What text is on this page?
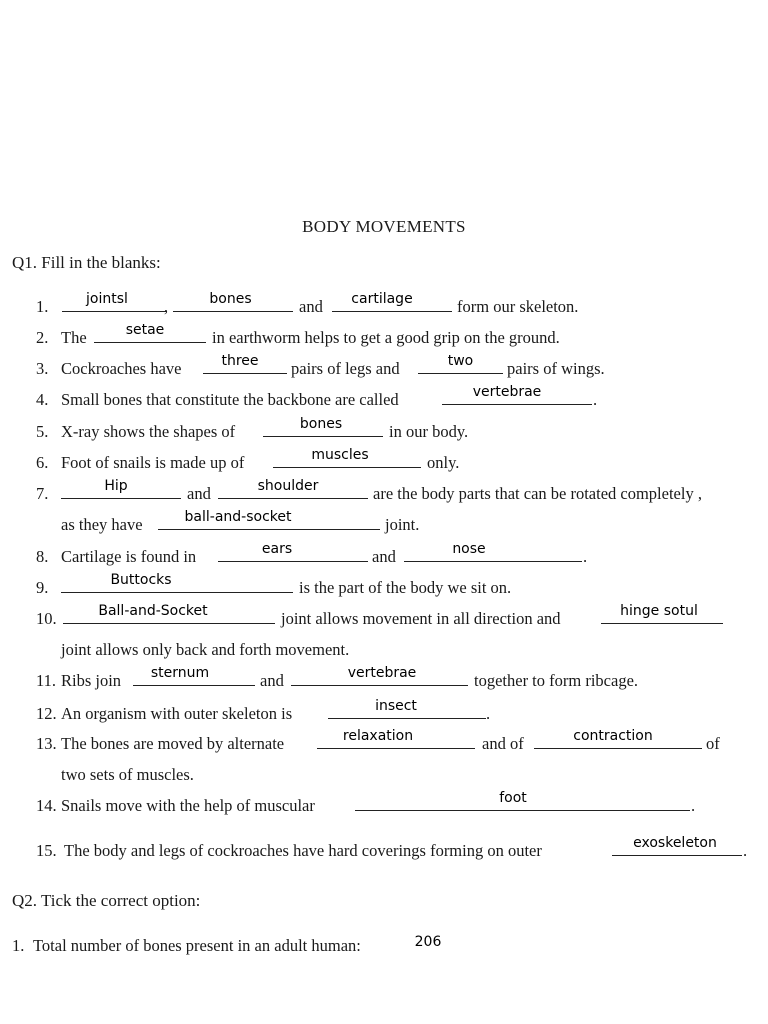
BODY MOVEMENTS
Q1. Fill in the blanks:
1.	jointsl	,	bones	and	cartilage	form our skeleton.
2. The	setae	in earthworm helps to get a good grip on the ground.
3. Cockroaches have	three	pairs of legs and	two	pairs of wings.
4. Small bones that constitute the backbone are called	vertebrae	.
5. X-ray shows the shapes of	bones	in our body.
6. Foot of snails is made up of	muscles	only.
7.	Hip	and	shoulder	are the body parts that can be rotated completely ,
as they have	ball-and-socket	joint.
8. Cartilage is found in	ears	and	nose	.
9.	Buttocks	is the part of the body we sit on.
10.	Ball-and-Socket	joint allows movement in all direction and	hinge sotul
joint allows only back and forth movement.
11. Ribs join	sternum	and	vertebrae	together to form ribcage.
12. An organism with outer skeleton is	insect	.
13. The bones are moved by alternate	relaxation	and of	contraction	of
two sets of muscles.
14. Snails move with the help of muscular	foot	.
15. The body and legs of cockroaches have hard coverings forming on outer	exoskeleton	.
Q2. Tick the correct option:
1. Total number of bones present in an adult human:	206
